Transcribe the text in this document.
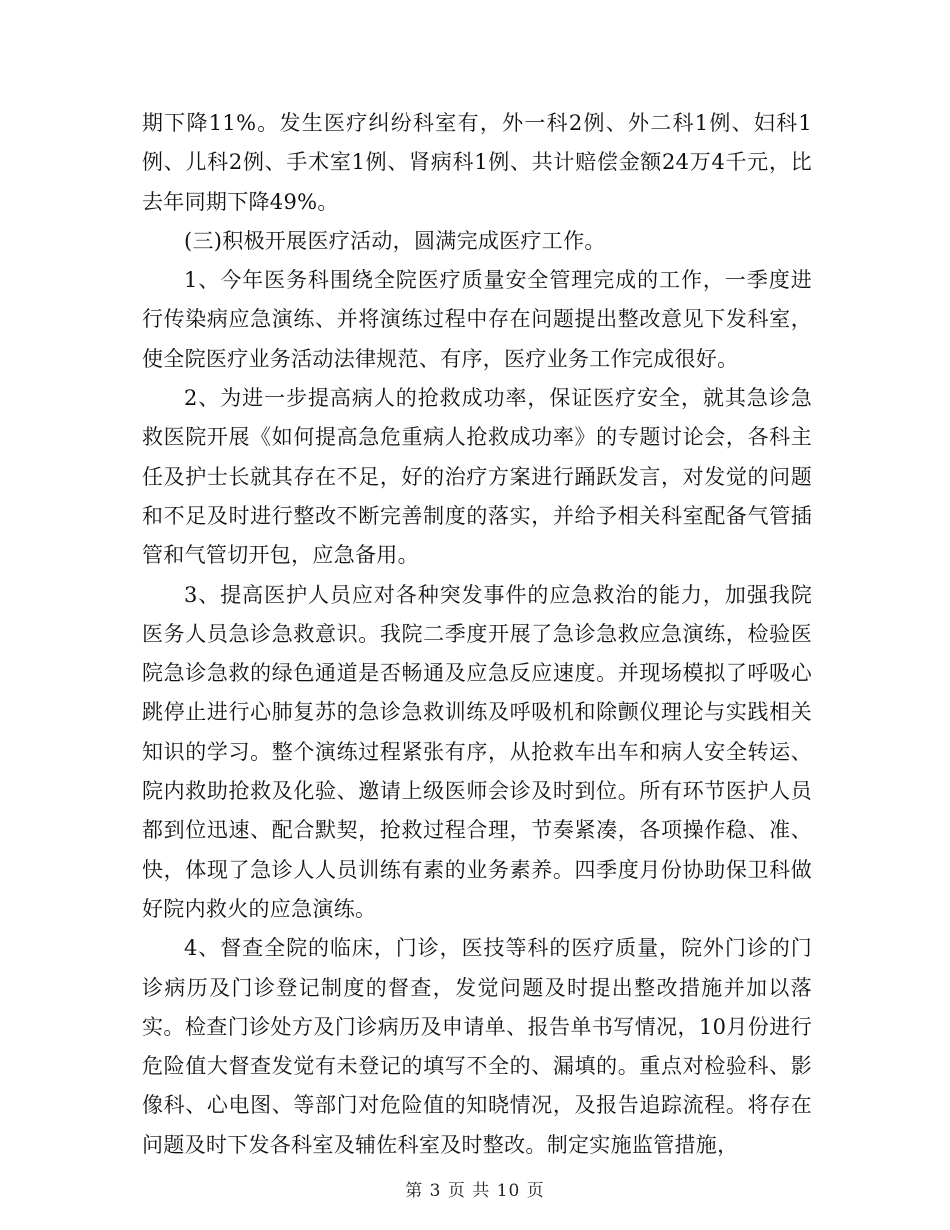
期下降11%。发生医疗纠纷科室有，外一科2例、外二科1例、妇科1例、儿科2例、手术室1例、肾病科1例、共计赔偿金额24万4千元，比去年同期下降49%。

(三)积极开展医疗活动，圆满完成医疗工作。

1、今年医务科围绕全院医疗质量安全管理完成的工作，一季度进行传染病应急演练、并将演练过程中存在问题提出整改意见下发科室，使全院医疗业务活动法律规范、有序，医疗业务工作完成很好。

2、为进一步提高病人的抢救成功率，保证医疗安全，就其急诊急救医院开展《如何提高急危重病人抢救成功率》的专题讨论会，各科主任及护士长就其存在不足，好的治疗方案进行踊跃发言，对发觉的问题和不足及时进行整改不断完善制度的落实，并给予相关科室配备气管插管和气管切开包，应急备用。

3、提高医护人员应对各种突发事件的应急救治的能力，加强我院医务人员急诊急救意识。我院二季度开展了急诊急救应急演练，检验医院急诊急救的绿色通道是否畅通及应急反应速度。并现场模拟了呼吸心跳停止进行心肺复苏的急诊急救训练及呼吸机和除颤仪理论与实践相关知识的学习。整个演练过程紧张有序，从抢救车出车和病人安全转运、院内救助抢救及化验、邀请上级医师会诊及时到位。所有环节医护人员都到位迅速、配合默契，抢救过程合理，节奏紧凑，各项操作稳、准、快，体现了急诊人人员训练有素的业务素养。四季度月份协助保卫科做好院内救火的应急演练。

4、督查全院的临床，门诊，医技等科的医疗质量，院外门诊的门诊病历及门诊登记制度的督查，发觉问题及时提出整改措施并加以落实。检查门诊处方及门诊病历及申请单、报告单书写情况，10月份进行危险值大督查发觉有未登记的填写不全的、漏填的。重点对检验科、影像科、心电图、等部门对危险值的知晓情况，及报告追踪流程。将存在问题及时下发各科室及辅佐科室及时整改。制定实施监管措施，

第 3 页 共 10 页
